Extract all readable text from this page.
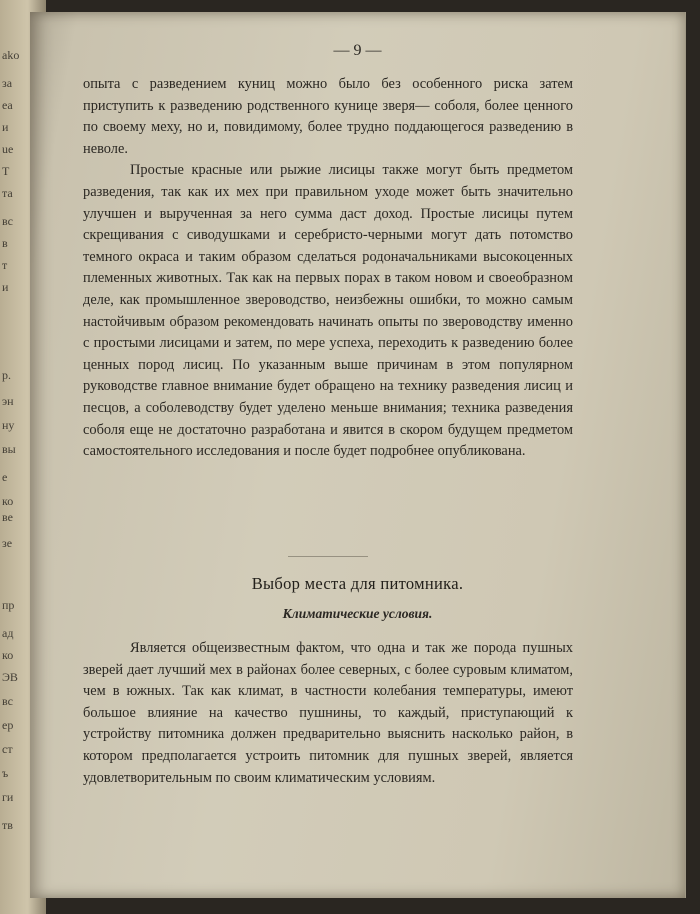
ako
за
ea
и
ue
T
та
вс
в
т
и
р.
эн
ну
вы
е
ко
ве
зе
пр
ад
ко
ЭВ
вс
ер
ст
ъ
ги
тв
— 9 —

опыта с разведением куниц можно было без особенного риска затем приступить к разведению родственного кунице зверя— соболя, более ценного по своему меху, но и, повидимому, более трудно поддающегося разведению в неволе.

Простые красные или рыжие лисицы также могут быть предметом разведения, так как их мех при правильном уходе может быть значительно улучшен и вырученная за него сумма даст доход. Простые лисицы путем скрещивания с сиводушками и серебристо-черными могут дать потомство темного окраса и таким образом сделаться родоначальниками высокоценных племенных животных. Так как на первых порах в таком новом и своеобразном деле, как промышленное звероводство, неизбежны ошибки, то можно самым настойчивым образом рекомендовать начинать опыты по звероводству именно с простыми лисицами и затем, по мере успеха, переходить к разведению более ценных пород лисиц. По указанным выше причинам в этом популярном руководстве главное внимание будет обращено на технику разведения лисиц и песцов, а соболеводству будет уделено меньше внимания; техника разведения соболя еще не достаточно разработана и явится в скором будущем предметом самостоятельного исследования и после будет подробнее опубликована.

Выбор места для питомника.
Климатические условия.
Является общеизвестным фактом, что одна и так же порода пушных зверей дает лучший мех в районах более северных, с более суровым климатом, чем в южных. Так как климат, в частности колебания температуры, имеют большое влияние на качество пушнины, то каждый, приступающий к устройству питомника должен предварительно выяснить насколько район, в котором предполагается устроить питомник для пушных зверей, является удовлетворительным по своим климатическим условиям.
